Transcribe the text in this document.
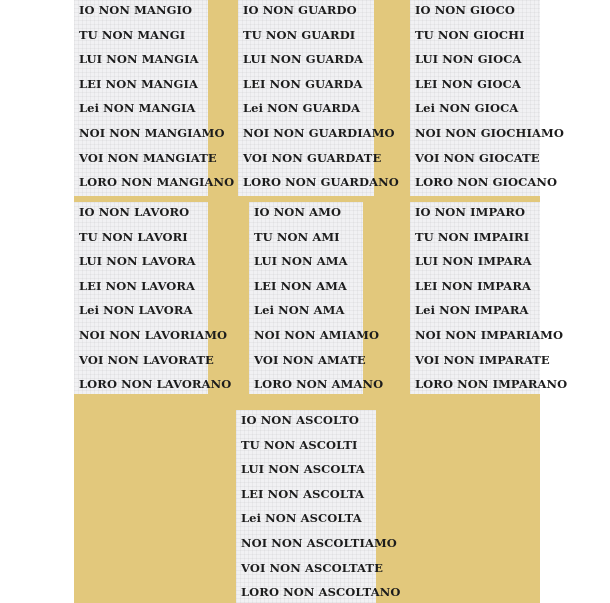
IO NON MANGIO
TU NON MANGI
LUI NON MANGIA
LEI NON MANGIA
Lei NON MANGIA
NOI NON MANGIAMO
VOI NON MANGIATE
LORO NON MANGIANO
IO NON GUARDO
TU NON GUARDI
LUI NON GUARDA
LEI NON GUARDA
Lei NON GUARDA
NOI NON GUARDIAMO
VOI NON GUARDATE
LORO NON GUARDANO
IO NON GIOCO
TU NON GIOCHI
LUI NON GIOCA
LEI NON GIOCA
Lei NON GIOCA
NOI NON GIOCHIAMO
VOI NON GIOCATE
LORO NON GIOCANO
IO NON LAVORO
TU NON LAVORI
LUI NON LAVORA
LEI NON LAVORA
Lei NON LAVORA
NOI NON LAVORIAMO
VOI NON LAVORATE
LORO NON LAVORANO
IO NON AMO
TU NON AMI
LUI NON AMA
LEI NON AMA
Lei NON AMA
NOI NON AMIAMO
VOI NON AMATE
LORO NON AMANO
IO NON IMPARO
TU NON IMPAIRI
LUI NON IMPARA
LEI NON IMPARA
Lei NON IMPARA
NOI NON IMPARIAMO
VOI NON IMPARATE
LORO NON IMPARANO
IO NON ASCOLTO
TU NON ASCOLTI
LUI NON ASCOLTA
LEI NON ASCOLTA
Lei NON ASCOLTA
NOI NON ASCOLTIAMO
VOI NON ASCOLTATE
LORO NON ASCOLTANO
